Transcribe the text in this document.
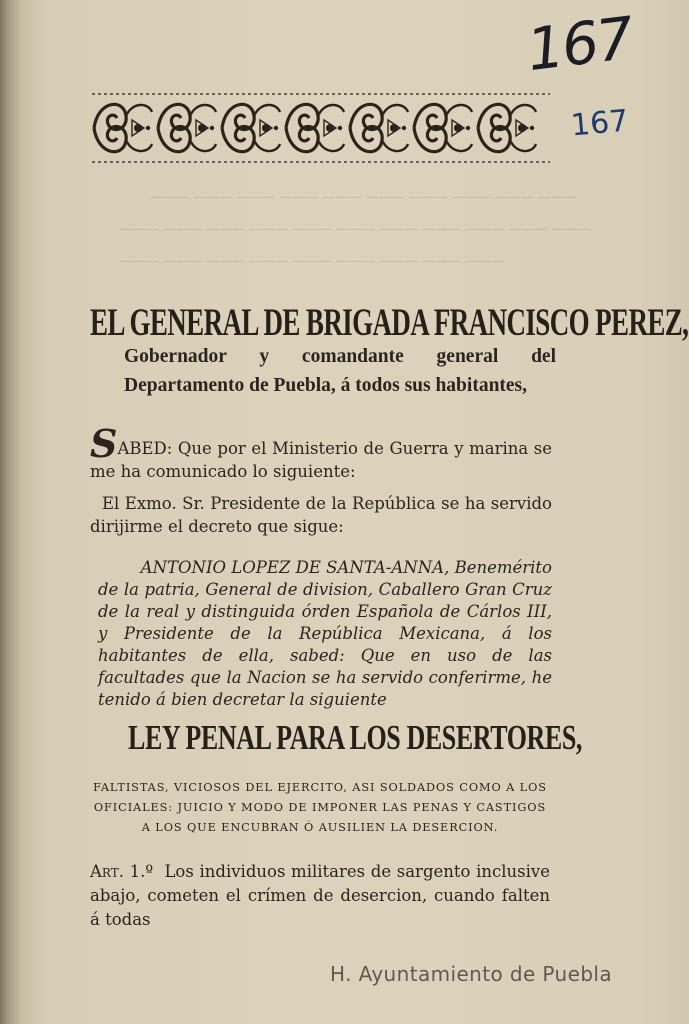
——— ——— ——— ——— ——— ——— ——— ——— ——— ———
——— ——— ——— ——— ——— ——— ——— ——— ——— ——— ———
——— ——— ——— ——— ——— ——— ——— ——— ———
167
167
EL GENERAL DE BRIGADA FRANCISCO PEREZ,
Gobernador y comandante general del Departamento de Puebla, á todos sus habitantes,
SABED: Que por el Ministerio de Guerra y marina se me ha comunicado lo siguiente:
El Exmo. Sr. Presidente de la República se ha servido dirijirme el decreto que sigue:
ANTONIO LOPEZ DE SANTA-ANNA, Benemérito
de la patria, General de division, Caballero Gran Cruz de la real y distinguida órden Española de Cárlos III, y Presidente de la República Mexicana, á los habitantes de ella, sabed: Que en uso de las facultades que la Nacion se ha servido conferirme, he tenido á bien decretar la siguiente
LEY PENAL PARA LOS DESERTORES,
FALTISTAS, VICIOSOS DEL EJERCITO, ASI SOLDADOS COMO A LOS OFICIALES: JUICIO Y MODO DE IMPONER LAS PENAS Y CASTIGOS A LOS QUE ENCUBRAN Ó AUSILIEN LA DESERCION.
Art. 1.º Los individuos militares de sargento inclusive abajo, cometen el crímen de desercion, cuando falten á todas
H. Ayuntamiento de Puebla
